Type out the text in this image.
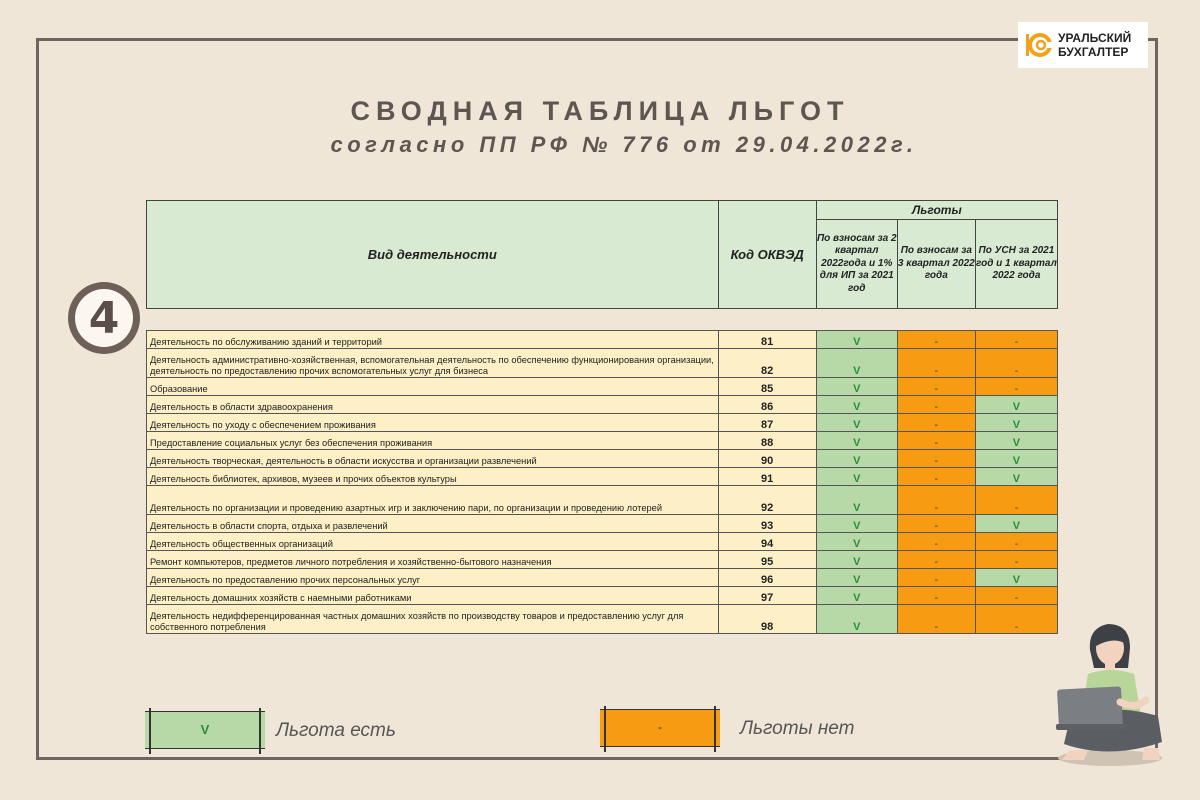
УРАЛЬСКИЙ
БУХГАЛТЕР
СВОДНАЯ ТАБЛИЦА ЛЬГОТ
согласно ПП РФ № 776 от 29.04.2022г.
4
Вид деятельности	Код ОКВЭД	Льготы		
		По взносам за 2 квартал 2022года и 1% для ИП за 2021 год	По взносам за 3 квартал 2022 года	По УСН за 2021 год и 1 квартал 2022 года

Деятельность по обслуживанию зданий и территорий	81	V	-	-
Деятельность административно-хозяйственная, вспомогательная деятельность по обеспечению функционирования организации, деятельность по предоставлению прочих вспомогательных услуг для бизнеса	82	V	-	-
Образование	85	V	-	-
Деятельность в области здравоохранения	86	V	-	V
Деятельность по уходу с обеспечением проживания	87	V	-	V
Предоставление социальных услуг без обеспечения проживания	88	V	-	V
Деятельность творческая, деятельность в области искусства и организации развлечений	90	V	-	V
Деятельность библиотек, архивов, музеев и прочих объектов культуры	91	V	-	V
Деятельность по организации и проведению азартных игр и заключению пари, по организации и проведению лотерей	92	V	-	-
Деятельность в области спорта, отдыха и развлечений	93	V	-	V
Деятельность общественных организаций	94	V	-	-
Ремонт компьютеров, предметов личного потребления и хозяйственно-бытового назначения	95	V	-	-
Деятельность по предоставлению прочих персональных услуг	96	V	-	V
Деятельность домашних хозяйств с наемными работниками	97	V	-	-
Деятельность недифференцированная частных домашних хозяйств по производству товаров и предоставлению услуг для собственного потребления	98	V	-	-
V	Льгота есть	-	Льготы нет
